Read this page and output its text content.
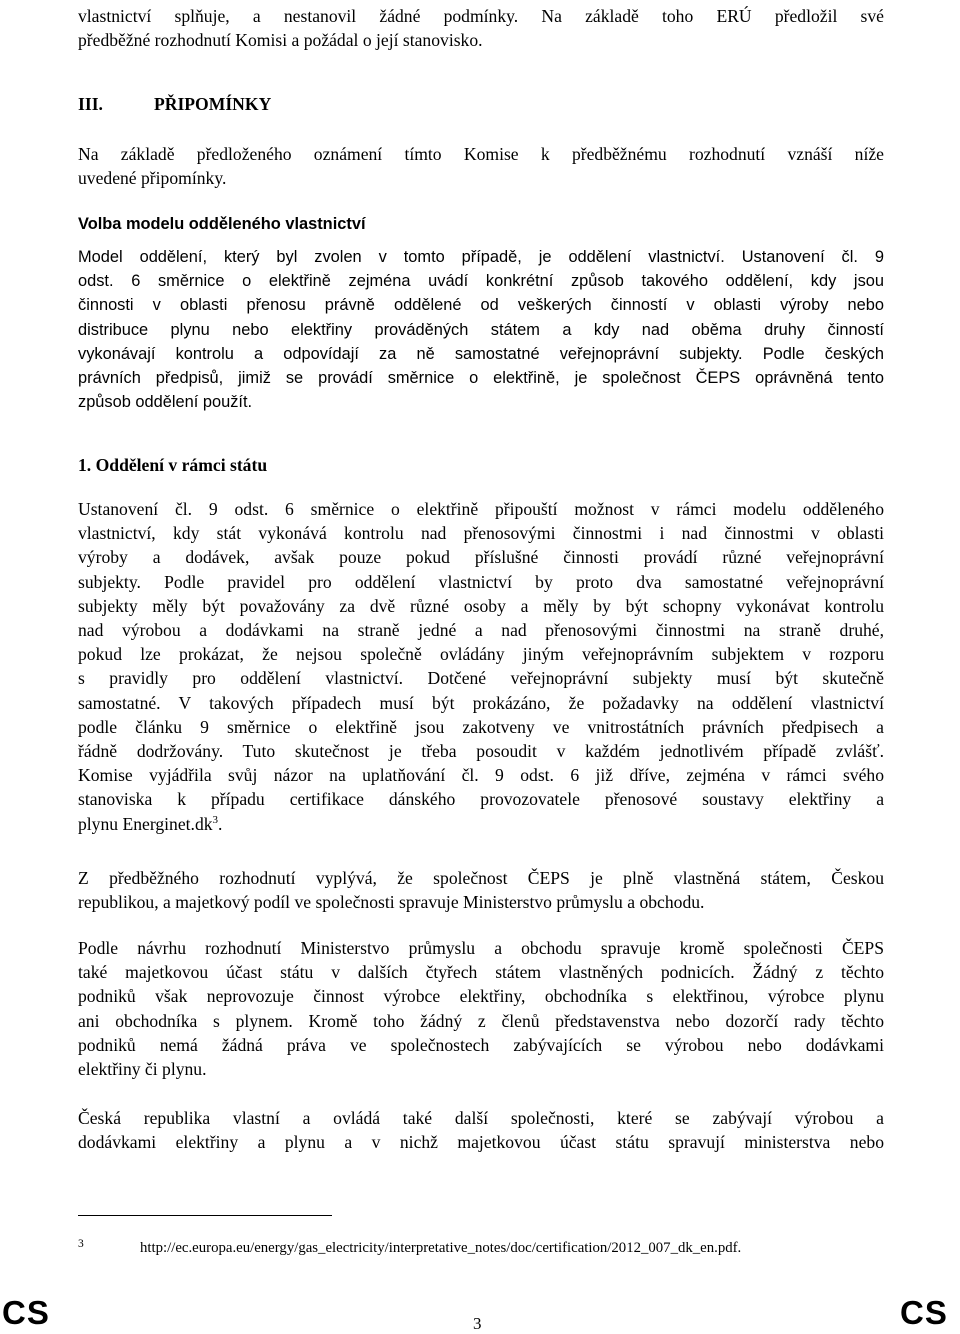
vlastnictví splňuje, a nestanovil žádné podmínky. Na základě toho ERÚ předložil své
předběžné rozhodnutí Komisi a požádal o její stanovisko.
III.	PŘIPOMÍNKY
Na základě předloženého oznámení tímto Komise k předběžnému rozhodnutí vznáší níže
uvedené připomínky.
Volba modelu odděleného vlastnictví
Model oddělení, který byl zvolen v tomto případě, je oddělení vlastnictví. Ustanovení čl. 9
odst. 6 směrnice o elektřině zejména uvádí konkrétní způsob takového oddělení, kdy jsou
činnosti v oblasti přenosu právně oddělené od veškerých činností v oblasti výroby nebo
distribuce plynu nebo elektřiny prováděných státem a kdy nad oběma druhy činností
vykonávají kontrolu a odpovídají za ně samostatné veřejnoprávní subjekty. Podle českých
právních předpisů, jimiž se provádí směrnice o elektřině, je společnost ČEPS oprávněná tento
způsob oddělení použít.
1. Oddělení v rámci státu
Ustanovení čl. 9 odst. 6 směrnice o elektřině připouští možnost v rámci modelu odděleného
vlastnictví, kdy stát vykonává kontrolu nad přenosovými činnostmi i nad činnostmi v oblasti
výroby a dodávek, avšak pouze pokud příslušné činnosti provádí různé veřejnoprávní
subjekty. Podle pravidel pro oddělení vlastnictví by proto dva samostatné veřejnoprávní
subjekty měly být považovány za dvě různé osoby a měly by být schopny vykonávat kontrolu
nad výrobou a dodávkami na straně jedné a nad přenosovými činnostmi na straně druhé,
pokud lze prokázat, že nejsou společně ovládány jiným veřejnoprávním subjektem v rozporu
s pravidly pro oddělení vlastnictví. Dotčené veřejnoprávní subjekty musí být skutečně
samostatné. V takových případech musí být prokázáno, že požadavky na oddělení vlastnictví
podle článku 9 směrnice o elektřině jsou zakotveny ve vnitrostátních právních předpisech a
řádně dodržovány. Tuto skutečnost je třeba posoudit v každém jednotlivém případě zvlášť.
Komise vyjádřila svůj názor na uplatňování čl. 9 odst. 6 již dříve, zejména v rámci svého
stanoviska k případu certifikace dánského provozovatele přenosové soustavy elektřiny a
plynu $Energinet.dk^3$.
Z předběžného rozhodnutí vyplývá, že společnost ČEPS je plně vlastněná státem, Českou
republikou, a majetkový podíl ve společnosti spravuje Ministerstvo průmyslu a obchodu.
Podle návrhu rozhodnutí Ministerstvo průmyslu a obchodu spravuje kromě společnosti ČEPS
také majetkovou účast státu v dalších čtyřech státem vlastněných podnicích. Žádný z těchto
podniků však neprovozuje činnost výrobce elektřiny, obchodníka s elektřinou, výrobce plynu
ani obchodníka s plynem. Kromě toho žádný z členů představenstva nebo dozorčí rady těchto
podniků nemá žádná práva ve společnostech zabývajících se výrobou nebo dodávkami
elektřiny či plynu.
Česká republika vlastní a ovládá také další společnosti, které se zabývají výrobou a
dodávkami elektřiny a plynu a v nichž majetkovou účast státu spravují ministerstva nebo
3	http://ec.europa.eu/energy/gas_electricity/interpretative_notes/doc/certification/2012_007_dk_en.pdf.
CS	3	CS
